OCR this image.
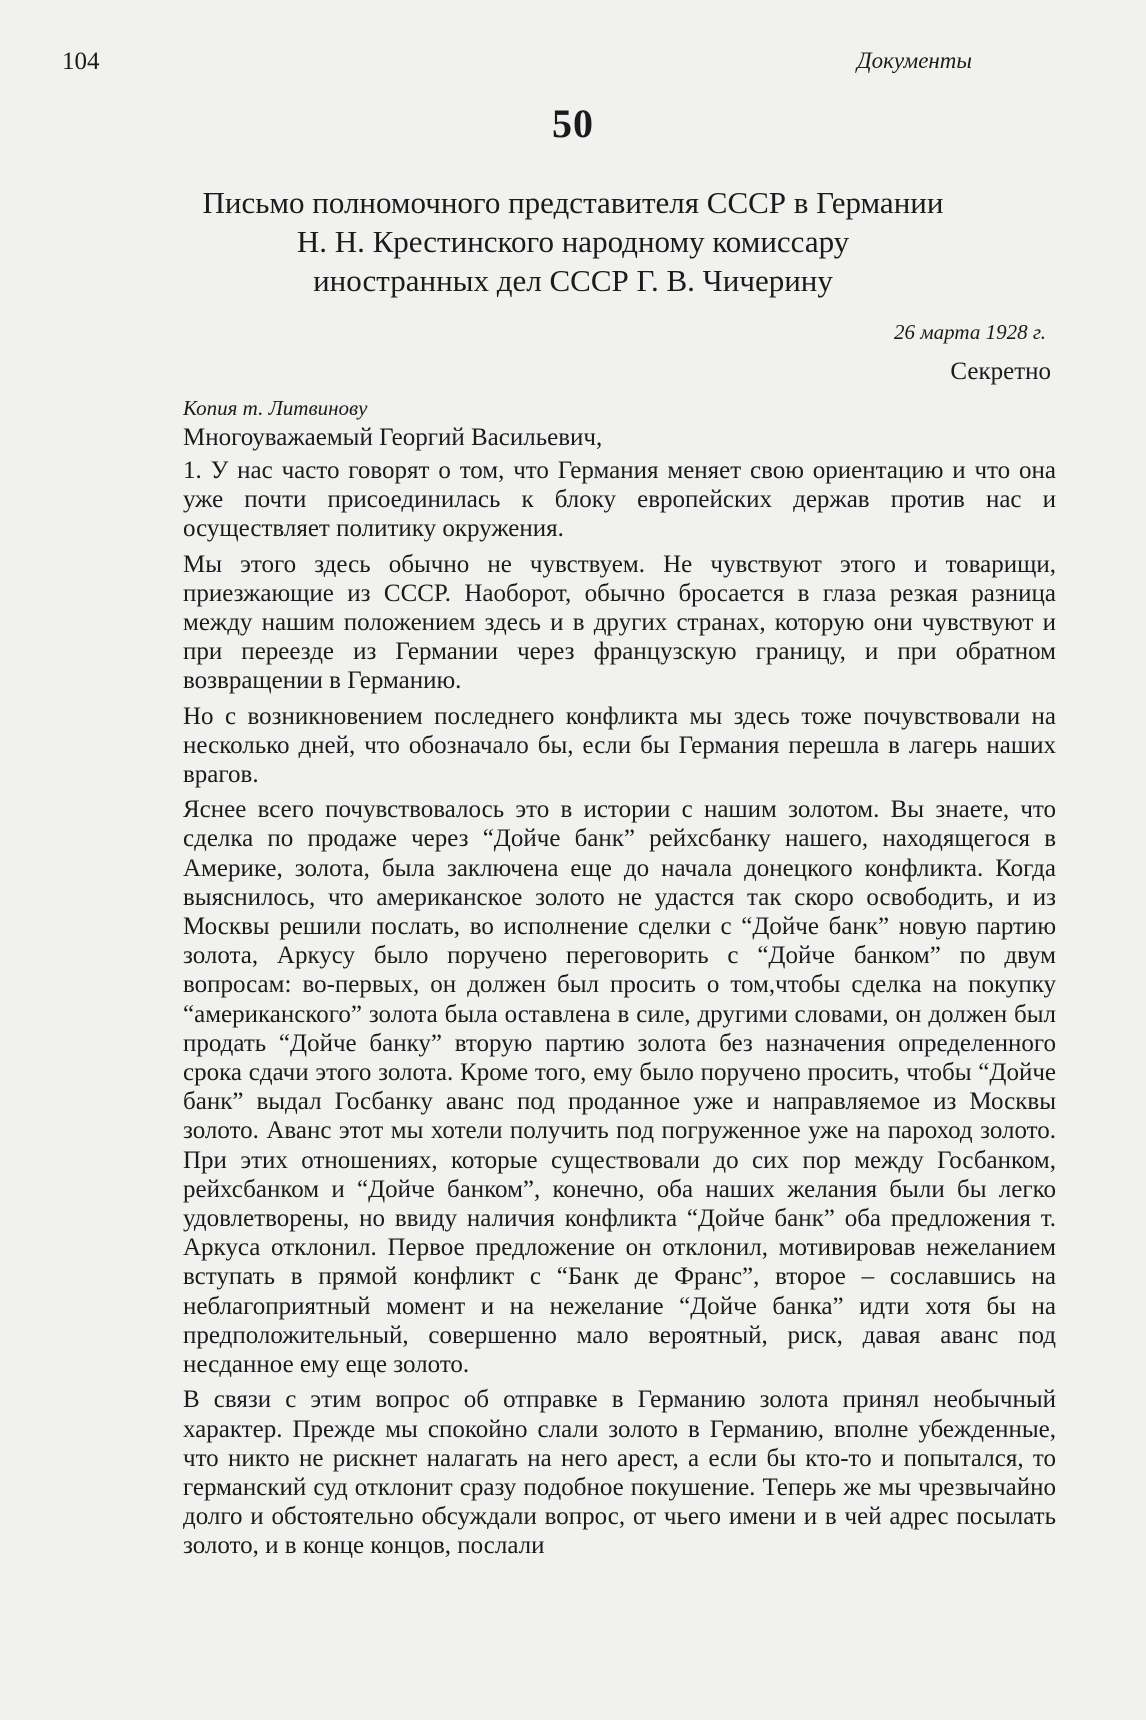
104	Документы
50
Письмо полномочного представителя СССР в Германии
Н. Н. Крестинского народному комиссару
иностранных дел СССР Г. В. Чичерину
26 марта 1928 г.
Секретно
Копия т. Литвинову
Многоуважаемый Георгий Васильевич,

1. У нас часто говорят о том, что Германия меняет свою ориентацию и что она уже почти присоединилась к блоку европейских держав против нас и осуществляет политику окружения.

Мы этого здесь обычно не чувствуем. Не чувствуют этого и товарищи, приезжающие из СССР. Наоборот, обычно бросается в глаза резкая разница между нашим положением здесь и в других странах, которую они чувствуют и при переезде из Германии через французскую границу, и при обратном возвращении в Германию.

Но с возникновением последнего конфликта мы здесь тоже почувствовали на несколько дней, что обозначало бы, если бы Германия перешла в лагерь наших врагов.

Яснее всего почувствовалось это в истории с нашим золотом. Вы знаете, что сделка по продаже через “Дойче банк” рейхсбанку нашего, находящегося в Америке, золота, была заключена еще до начала донецкого конфликта. Когда выяснилось, что американское золото не удастся так скоро освободить, и из Москвы решили послать, во исполнение сделки с “Дойче банк” новую партию золота, Аркусу было поручено переговорить с “Дойче банком” по двум вопросам: во-первых, он должен был просить о том,чтобы сделка на покупку “американского” золота была оставлена в силе, другими словами, он должен был продать “Дойче банку” вторую партию золота без назначения определенного срока сдачи этого золота. Кроме того, ему было поручено просить, чтобы “Дойче банк” выдал Госбанку аванс под проданное уже и направляемое из Москвы золото. Аванс этот мы хотели получить под погруженное уже на пароход золото. При этих отношениях, которые существовали до сих пор между Госбанком, рейхсбанком и “Дойче банком”, конечно, оба наших желания были бы легко удовлетворены, но ввиду наличия конфликта “Дойче банк” оба предложения т. Аркуса отклонил. Первое предложение он отклонил, мотивировав нежеланием вступать в прямой конфликт с “Банк де Франс”, второе – сославшись на неблагоприятный момент и на нежелание “Дойче банка” идти хотя бы на предположительный, совершенно мало вероятный, риск, давая аванс под несданное ему еще золото.

В связи с этим вопрос об отправке в Германию золота принял необычный характер. Прежде мы спокойно слали золото в Германию, вполне убежденные, что никто не рискнет налагать на него арест, а если бы кто-то и попытался, то германский суд отклонит сразу подобное покушение. Теперь же мы чрезвычайно долго и обстоятельно обсуждали вопрос, от чьего имени и в чей адрес посылать золото, и в конце концов, послали
